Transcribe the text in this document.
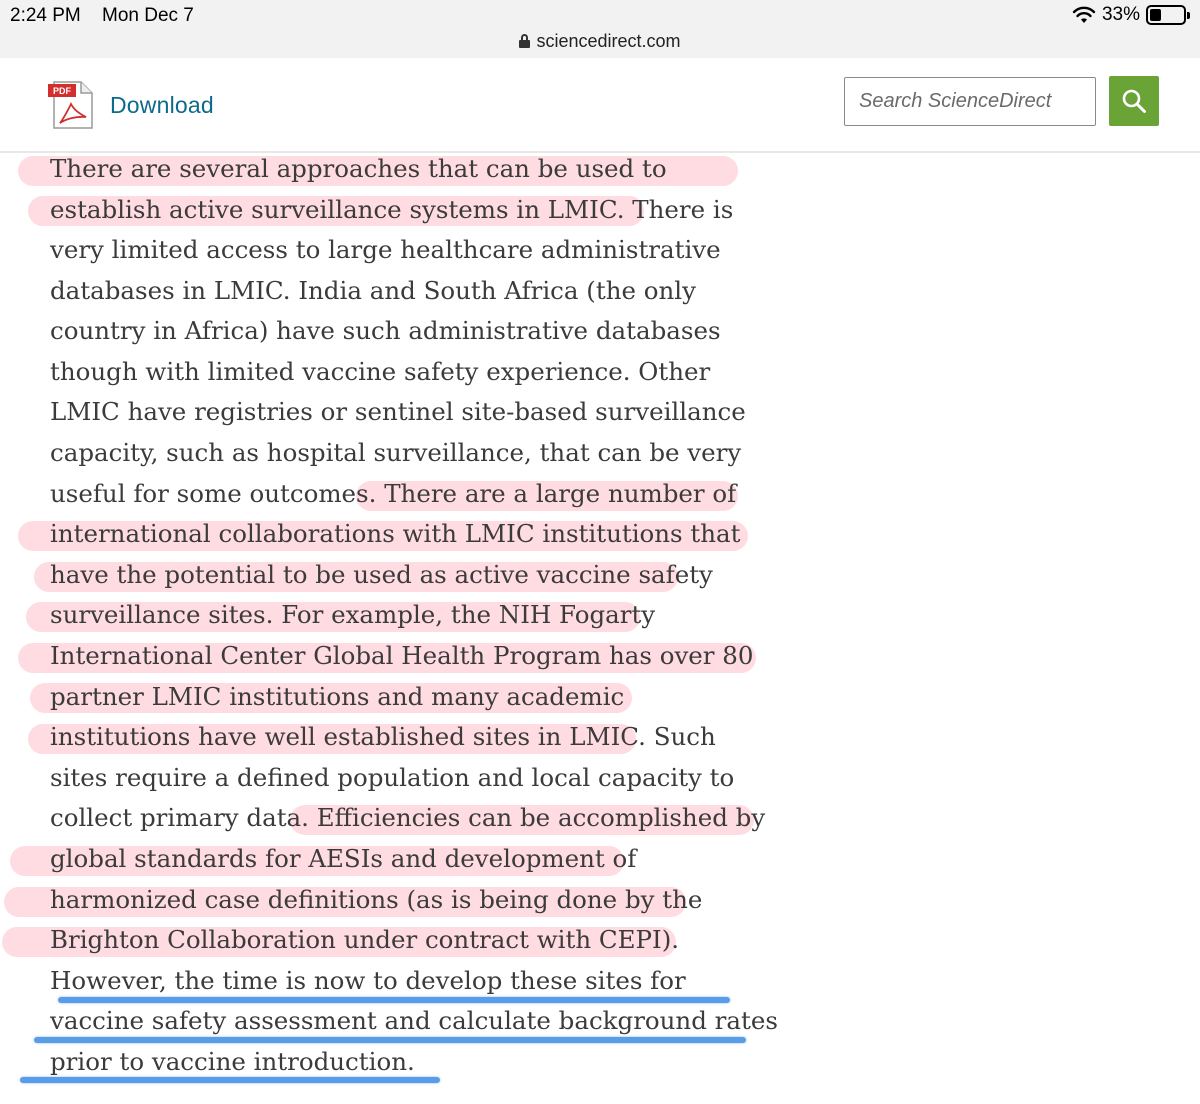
2:24 PM Mon Dec 7	33%
sciencedirect.com
PDF
Download
Search ScienceDirect
There are several approaches that can be used to
establish active surveillance systems in LMIC. There is
very limited access to large healthcare administrative
databases in LMIC. India and South Africa (the only
country in Africa) have such administrative databases
though with limited vaccine safety experience. Other
LMIC have registries or sentinel site-based surveillance
capacity, such as hospital surveillance, that can be very
useful for some outcomes. There are a large number of
international collaborations with LMIC institutions that
have the potential to be used as active vaccine safety
surveillance sites. For example, the NIH Fogarty
International Center Global Health Program has over 80
partner LMIC institutions and many academic
institutions have well established sites in LMIC. Such
sites require a defined population and local capacity to
collect primary data. Efficiencies can be accomplished by
global standards for AESIs and development of
harmonized case definitions (as is being done by the
Brighton Collaboration under contract with CEPI).
However, the time is now to develop these sites for
vaccine safety assessment and calculate background rates
prior to vaccine introduction.
